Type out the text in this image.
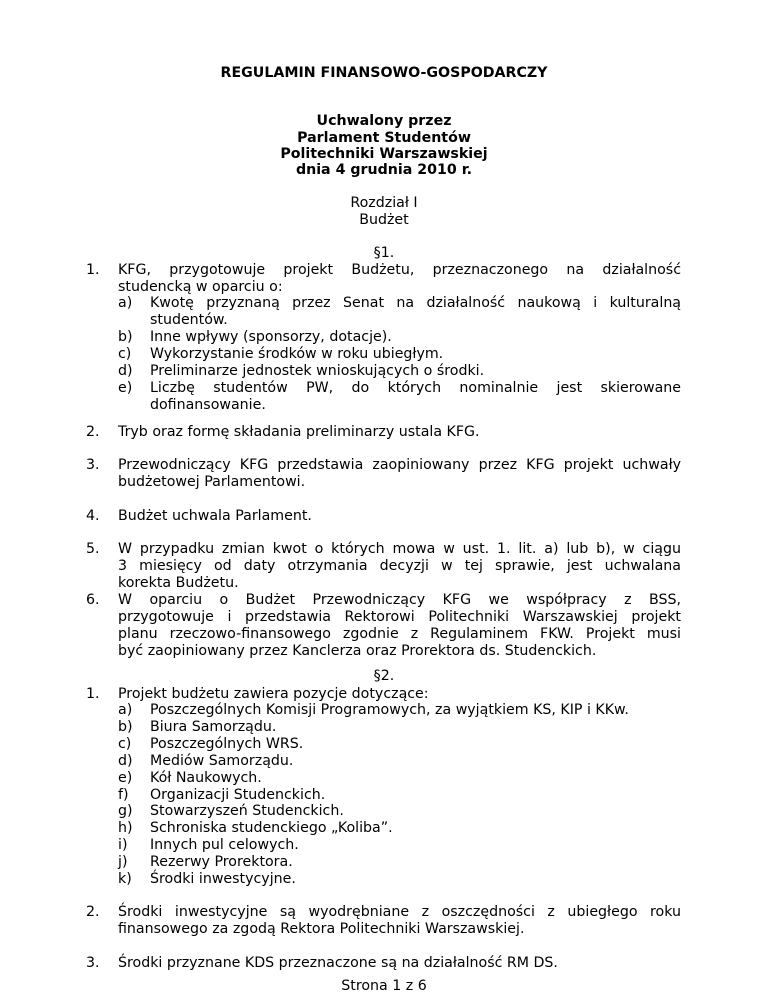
REGULAMIN FINANSOWO-GOSPODARCZY
Uchwalony przez
Parlament Studentów
Politechniki Warszawskiej
dnia 4 grudnia 2010 r.
Rozdział I
Budżet
§1.
1. KFG, przygotowuje projekt Budżetu, przeznaczonego na działalność
studencką w oparciu o:
a) Kwotę przyznaną przez Senat na działalność naukową i kulturalną
studentów.
b) Inne wpływy (sponsorzy, dotacje).
c) Wykorzystanie środków w roku ubiegłym.
d) Preliminarze jednostek wnioskujących o środki.
e) Liczbę studentów PW, do których nominalnie jest skierowane
dofinansowanie.
2. Tryb oraz formę składania preliminarzy ustala KFG.
3. Przewodniczący KFG przedstawia zaopiniowany przez KFG projekt uchwały
budżetowej Parlamentowi.
4. Budżet uchwala Parlament.
5. W przypadku zmian kwot o których mowa w ust. 1. lit. a) lub b), w ciągu
3 miesięcy od daty otrzymania decyzji w tej sprawie, jest uchwalana
korekta Budżetu.
6. W oparciu o Budżet Przewodniczący KFG we współpracy z BSS,
przygotowuje i przedstawia Rektorowi Politechniki Warszawskiej projekt
planu rzeczowo-finansowego zgodnie z Regulaminem FKW. Projekt musi
być zaopiniowany przez Kanclerza oraz Prorektora ds. Studenckich.
§2.
1. Projekt budżetu zawiera pozycje dotyczące:
a) Poszczególnych Komisji Programowych, za wyjątkiem KS, KIP i KKw.
b) Biura Samorządu.
c) Poszczególnych WRS.
d) Mediów Samorządu.
e) Kół Naukowych.
f) Organizacji Studenckich.
g) Stowarzyszeń Studenckich.
h) Schroniska studenckiego „Koliba”.
i) Innych pul celowych.
j) Rezerwy Prorektora.
k) Środki inwestycyjne.
2. Środki inwestycyjne są wyodrębniane z oszczędności z ubiegłego roku
finansowego za zgodą Rektora Politechniki Warszawskiej.
3. Środki przyznane KDS przeznaczone są na działalność RM DS.
Strona 1 z 6
